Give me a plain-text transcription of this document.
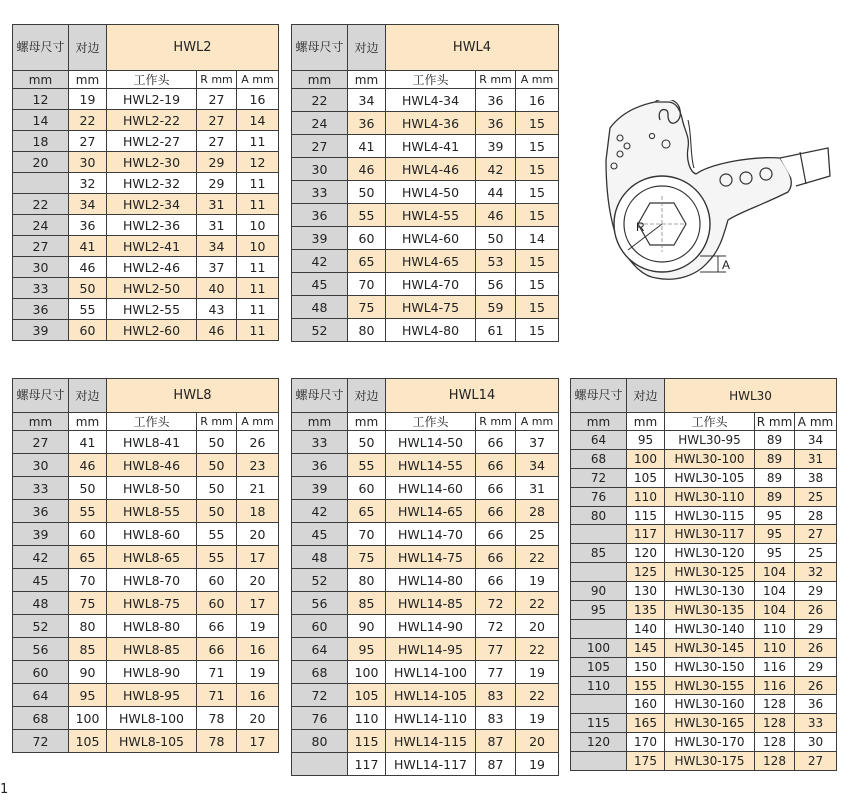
螺母尺寸	对边	HWL2		
mm	mm	工作头	R mm	A mm
12	19	HWL2-19	27	16
14	22	HWL2-22	27	14
18	27	HWL2-27	27	11
20	30	HWL2-30	29	12
	32	HWL2-32	29	11
22	34	HWL2-34	31	11
24	36	HWL2-36	31	10
27	41	HWL2-41	34	10
30	46	HWL2-46	37	11
33	50	HWL2-50	40	11
36	55	HWL2-55	43	11
39	60	HWL2-60	46	11
螺母尺寸	对边	HWL4		
mm	mm	工作头	R mm	A mm
22	34	HWL4-34	36	16
24	36	HWL4-36	36	15
27	41	HWL4-41	39	15
30	46	HWL4-46	42	15
33	50	HWL4-50	44	15
36	55	HWL4-55	46	15
39	60	HWL4-60	50	14
42	65	HWL4-65	53	15
45	70	HWL4-70	56	15
48	75	HWL4-75	59	15
52	80	HWL4-80	61	15
螺母尺寸	对边	HWL8		
mm	mm	工作头	R mm	A mm
27	41	HWL8-41	50	26
30	46	HWL8-46	50	23
33	50	HWL8-50	50	21
36	55	HWL8-55	50	18
39	60	HWL8-60	55	20
42	65	HWL8-65	55	17
45	70	HWL8-70	60	20
48	75	HWL8-75	60	17
52	80	HWL8-80	66	19
56	85	HWL8-85	66	16
60	90	HWL8-90	71	19
64	95	HWL8-95	71	16
68	100	HWL8-100	78	20
72	105	HWL8-105	78	17
螺母尺寸	对边	HWL14		
mm	mm	工作头	R mm	A mm
33	50	HWL14-50	66	37
36	55	HWL14-55	66	34
39	60	HWL14-60	66	31
42	65	HWL14-65	66	28
45	70	HWL14-70	66	25
48	75	HWL14-75	66	22
52	80	HWL14-80	66	19
56	85	HWL14-85	72	22
60	90	HWL14-90	72	20
64	95	HWL14-95	77	22
68	100	HWL14-100	77	19
72	105	HWL14-105	83	22
76	110	HWL14-110	83	19
80	115	HWL14-115	87	20
	117	HWL14-117	87	19
螺母尺寸	对边	HWL30		
mm	mm	工作头	R mm	A mm
64	95	HWL30-95	89	34
68	100	HWL30-100	89	31
72	105	HWL30-105	89	38
76	110	HWL30-110	89	25
80	115	HWL30-115	95	28
	117	HWL30-117	95	27
85	120	HWL30-120	95	25
	125	HWL30-125	104	32
90	130	HWL30-130	104	29
95	135	HWL30-135	104	26
	140	HWL30-140	110	29
100	145	HWL30-145	110	26
105	150	HWL30-150	116	29
110	155	HWL30-155	116	26
	160	HWL30-160	128	36
115	165	HWL30-165	128	33
120	170	HWL30-170	128	30
	175	HWL30-175	128	27
R
A
1
